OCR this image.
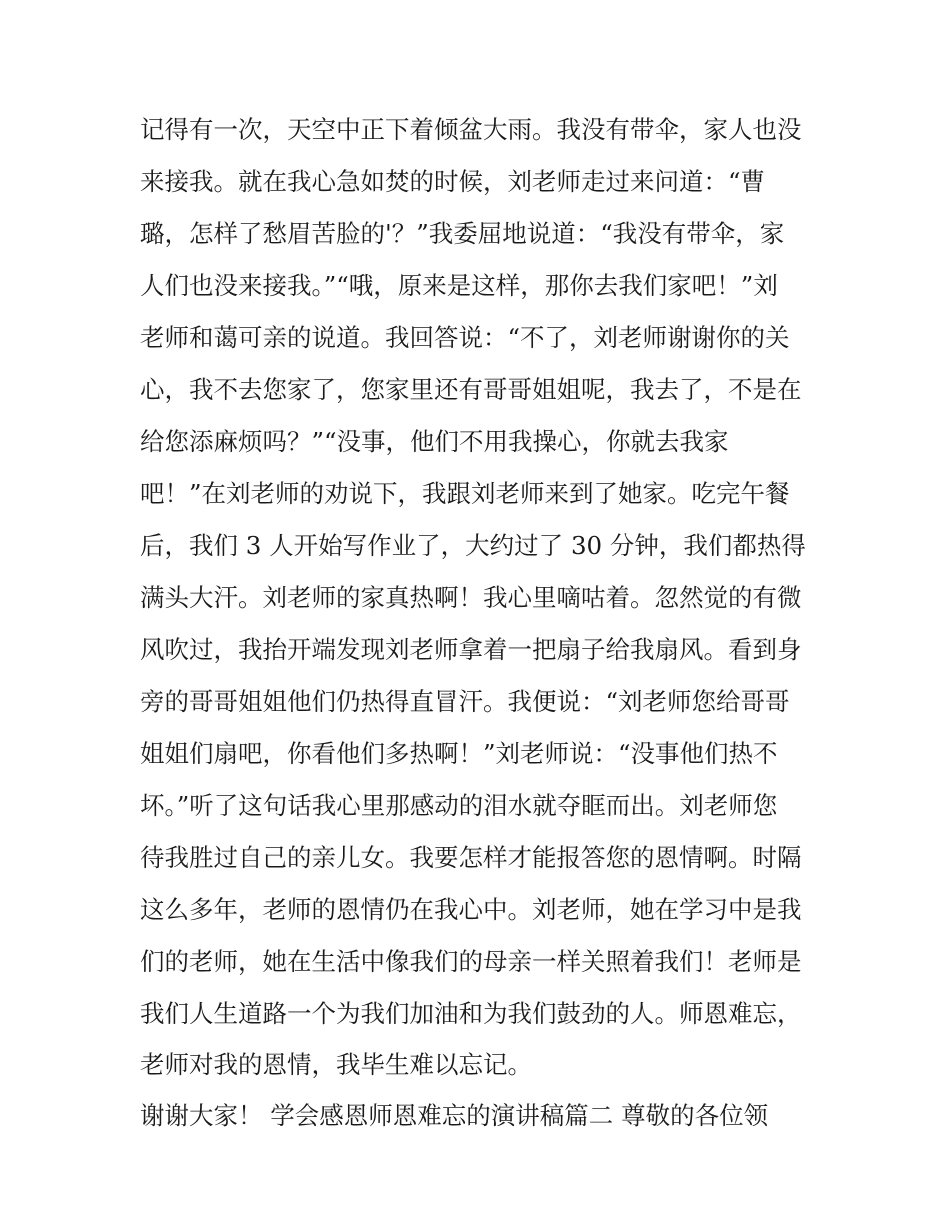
记得有一次，天空中正下着倾盆大雨。我没有带伞，家人也没
来接我。就在我心急如焚的时候，刘老师走过来问道：“曹
璐，怎样了愁眉苦脸的'？”我委屈地说道：“我没有带伞，家
人们也没来接我。”“哦，原来是这样，那你去我们家吧！”刘
老师和蔼可亲的说道。我回答说：“不了，刘老师谢谢你的关
心，我不去您家了，您家里还有哥哥姐姐呢，我去了，不是在
给您添麻烦吗？”“没事，他们不用我操心，你就去我家
吧！”在刘老师的劝说下，我跟刘老师来到了她家。吃完午餐
后，我们 3 人开始写作业了，大约过了 30 分钟，我们都热得
满头大汗。刘老师的家真热啊！我心里嘀咕着。忽然觉的有微
风吹过，我抬开端发现刘老师拿着一把扇子给我扇风。看到身
旁的哥哥姐姐他们仍热得直冒汗。我便说：“刘老师您给哥哥
姐姐们扇吧，你看他们多热啊！”刘老师说：“没事他们热不
坏。”听了这句话我心里那感动的泪水就夺眶而出。刘老师您
待我胜过自己的亲儿女。我要怎样才能报答您的恩情啊。时隔
这么多年，老师的恩情仍在我心中。刘老师，她在学习中是我
们的老师，她在生活中像我们的母亲一样关照着我们！老师是
我们人生道路一个为我们加油和为我们鼓劲的人。师恩难忘，
老师对我的恩情，我毕生难以忘记。
谢谢大家！ 学会感恩师恩难忘的演讲稿篇二 尊敬的各位领
